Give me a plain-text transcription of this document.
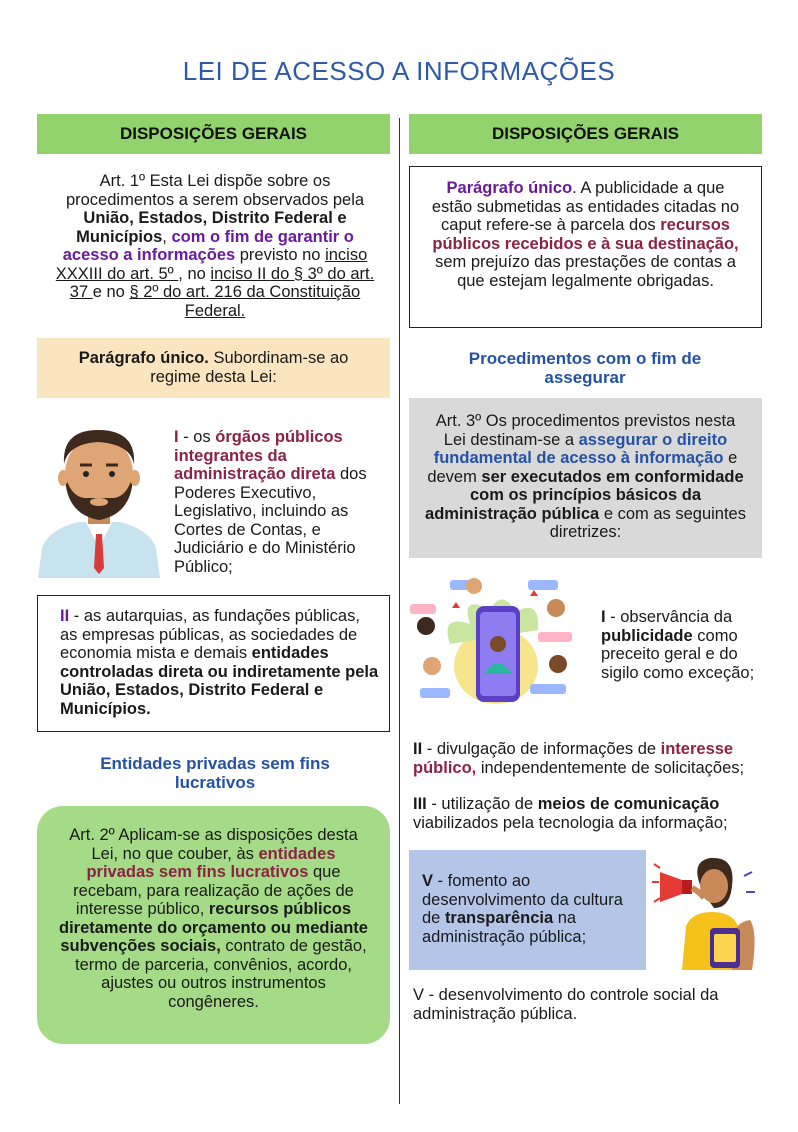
LEI DE ACESSO A INFORMAÇÕES
DISPOSIÇÕES GERAIS
Art. 1º Esta Lei dispõe sobre os procedimentos a serem observados pela União, Estados, Distrito Federal e Municípios, com o fim de garantir o acesso a informações previsto no inciso XXXIII do art. 5º , no inciso II do § 3º do art. 37 e no § 2º do art. 216 da Constituição Federal.
Parágrafo único. Subordinam-se ao regime desta Lei:
I - os órgãos públicos integrantes da administração direta dos Poderes Executivo, Legislativo, incluindo as Cortes de Contas, e Judiciário e do Ministério Público;
II - as autarquias, as fundações públicas, as empresas públicas, as sociedades de economia mista e demais entidades controladas direta ou indiretamente pela União, Estados, Distrito Federal e Municípios.
Entidades privadas sem fins lucrativos
Art. 2º Aplicam-se as disposições desta Lei, no que couber, às entidades privadas sem fins lucrativos que recebam, para realização de ações de interesse público, recursos públicos diretamente do orçamento ou mediante subvenções sociais, contrato de gestão, termo de parceria, convênios, acordo, ajustes ou outros instrumentos congêneres.
DISPOSIÇÕES GERAIS
Parágrafo único. A publicidade a que estão submetidas as entidades citadas no caput refere-se à parcela dos recursos públicos recebidos e à sua destinação, sem prejuízo das prestações de contas a que estejam legalmente obrigadas.
Procedimentos com o fim de assegurar
Art. 3º Os procedimentos previstos nesta Lei destinam-se a assegurar o direito fundamental de acesso à informação e devem ser executados em conformidade com os princípios básicos da administração pública e com as seguintes diretrizes:
I - observância da publicidade como preceito geral e do sigilo como exceção;
II - divulgação de informações de interesse público, independentemente de solicitações;
III - utilização de meios de comunicação viabilizados pela tecnologia da informação;
V - fomento ao desenvolvimento da cultura de transparência na administração pública;
V - desenvolvimento do controle social da administração pública.
